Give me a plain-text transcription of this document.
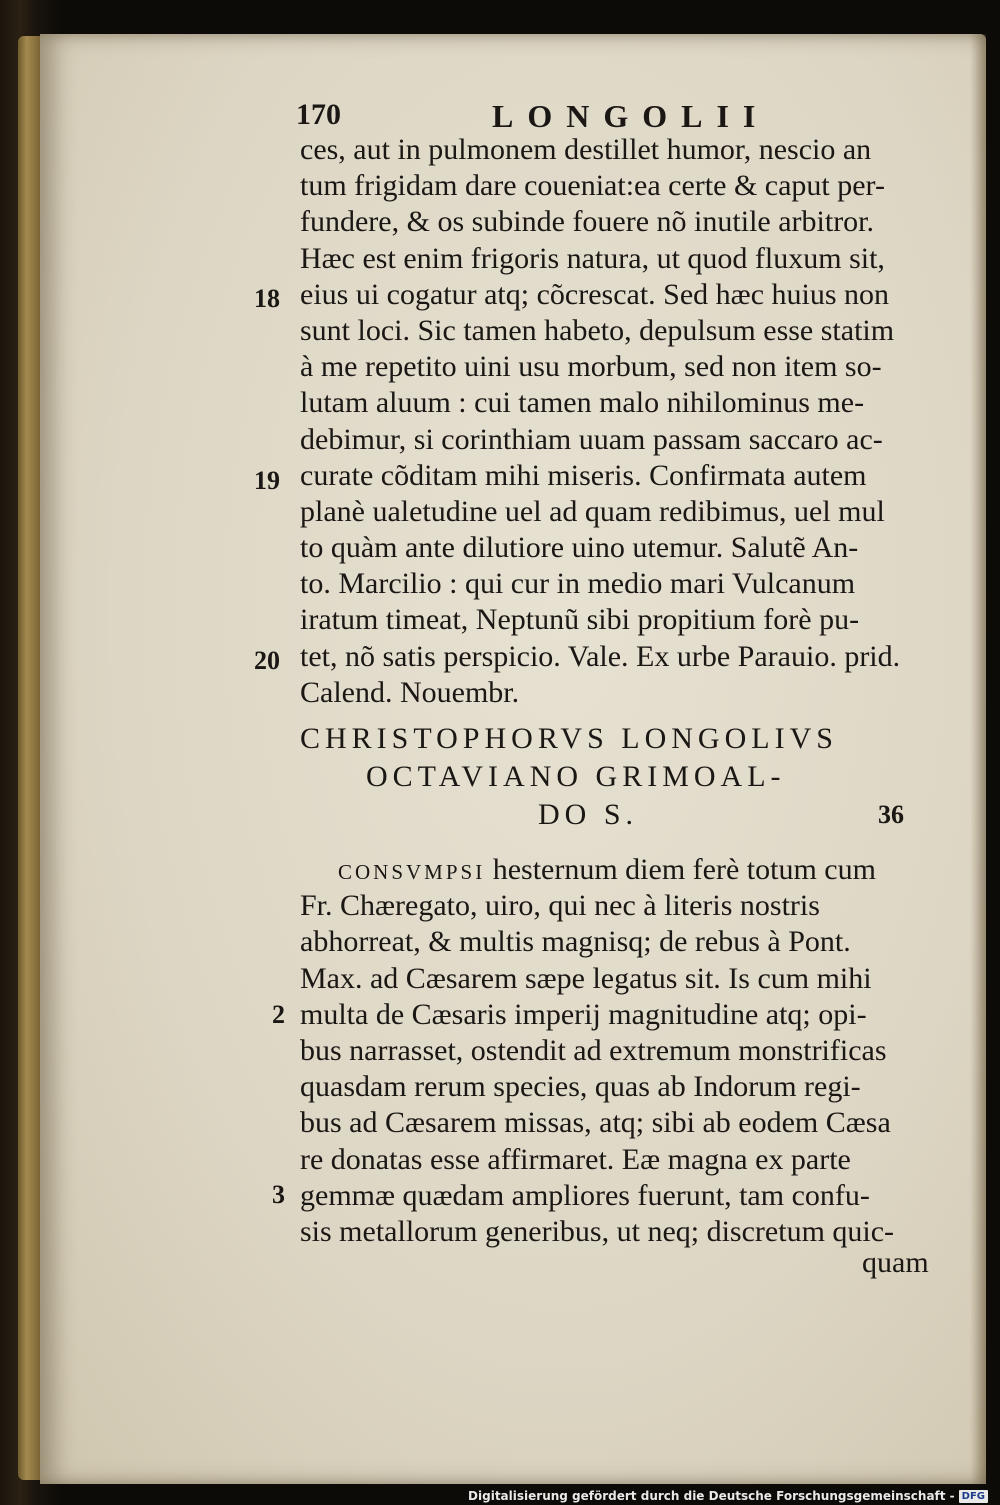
170	LONGOLII
18
19
20
2
3
ces, aut in pulmonem destillet humor, nescio an
tum frigidam dare coueniat:ea certe & caput per-
fundere, & os subinde fouere nõ inutile arbitror.
Hæc est enim frigoris natura, ut quod fluxum sit,
eius ui cogatur atq; cõcrescat. Sed hæc huius non
sunt loci. Sic tamen habeto, depulsum esse statim
à me repetito uini usu morbum, sed non item so-
lutam aluum : cui tamen malo nihilominus me-
debimur, si corinthiam uuam passam saccaro ac-
curate cõditam mihi miseris. Confirmata autem
planè ualetudine uel ad quam redibimus, uel mul
to quàm ante dilutiore uino utemur. Salutẽ An-
to. Marcilio : qui cur in medio mari Vulcanum
iratum timeat, Neptunũ sibi propitium forè pu-
tet, nõ satis perspicio. Vale. Ex urbe Parauio. prid.
Calend. Nouembr.
CHRISTOPHORVS LONGOLIVS
OCTAVIANO GRIMOAL-
DO S.	36
CONSVMPSI hesternum diem ferè totum cum
Fr. Chæregato, uiro, qui nec à literis nostris
abhorreat, & multis magnisq; de rebus à Pont.
Max. ad Cæsarem sæpe legatus sit. Is cum mihi
multa de Cæsaris imperij magnitudine atq; opi-
bus narrasset, ostendit ad extremum monstrificas
quasdam rerum species, quas ab Indorum regi-
bus ad Cæsarem missas, atq; sibi ab eodem Cæsa
re donatas esse affirmaret. Eæ magna ex parte
gemmæ quædam ampliores fuerunt, tam confu-
sis metallorum generibus, ut neq; discretum quic-
quam
Digitalisierung gefördert durch die Deutsche Forschungsgemeinschaft - DFG
